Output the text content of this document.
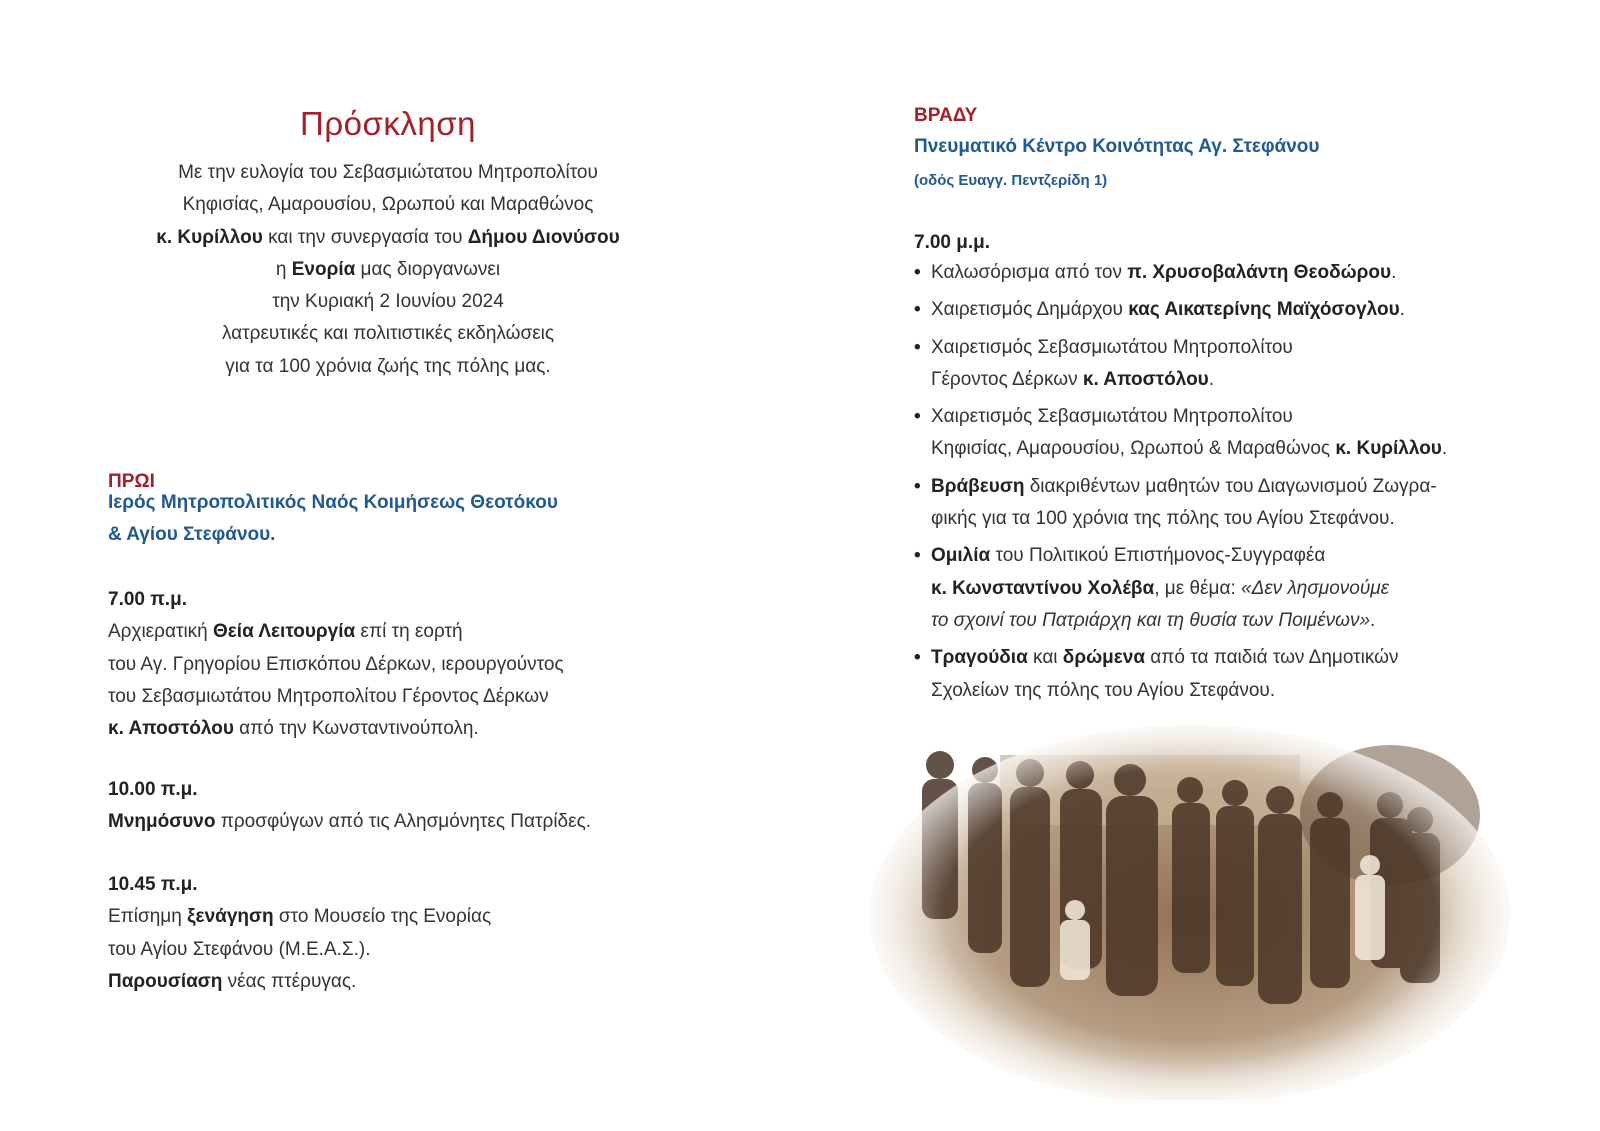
Πρόσκληση

Με την ευλογία του Σεβασμιώτατου Μητροπολίτου

Κηφισίας, Αμαρουσίου, Ωρωπού και Μαραθώνος

κ. Κυρίλλου και την συνεργασία του Δήμου Διονύσου

η Ενορία μας διοργανωνει

την Κυριακή 2 Ιουνίου 2024

λατρευτικές και πολιτιστικές εκδηλώσεις

για τα 100 χρόνια ζωής της πόλης μας.

ΠΡΩΙ
Ιερός Μητροπολιτικός Ναός Κοιμήσεως Θεοτόκου
& Αγίου Στεφάνου.
7.00 π.μ.

Αρχιερατική Θεία Λειτουργία επί τη εορτή

του Αγ. Γρηγορίου Επισκόπου Δέρκων, ιερουργούντος

του Σεβασμιωτάτου Μητροπολίτου Γέροντος Δέρκων

κ. Αποστόλου από την Κωνσταντινούπολη.

10.00 π.μ.

Μνημόσυνο προσφύγων από τις Αλησμόνητες Πατρίδες.

10.45 π.μ.

Επίσημη ξενάγηση στο Μουσείο της Ενορίας

του Αγίου Στεφάνου (Μ.Ε.Α.Σ.).

Παρουσίαση νέας πτέρυγας.

ΒΡΑΔΥ
Πνευματικό Κέντρο Κοινότητας Αγ. Στεφάνου
(οδός Ευαγγ. Πεντζερίδη 1)
7.00 μ.μ.
• Καλωσόρισμα από τον π. Χρυσοβαλάντη Θεοδώρου.
• Χαιρετισμός Δημάρχου κας Αικατερίνης Μαϊχόσογλου.
• Χαιρετισμός Σεβασμιωτάτου Μητροπολίτου
Γέροντος Δέρκων κ. Αποστόλου.
• Χαιρετισμός Σεβασμιωτάτου Μητροπολίτου
Κηφισίας, Αμαρουσίου, Ωρωπού & Μαραθώνος κ. Κυρίλλου.
• Βράβευση διακριθέντων μαθητών του Διαγωνισμού Ζωγρα-
φικής για τα 100 χρόνια της πόλης του Αγίου Στεφάνου.
• Ομιλία του Πολιτικού Επιστήμονος-Συγγραφέα
κ. Κωνσταντίνου Χολέβα, με θέμα: «Δεν λησμονούμε
το σχοινί του Πατριάρχη και τη θυσία των Ποιμένων».
• Τραγούδια και δρώμενα από τα παιδιά των Δημοτικών
Σχολείων της πόλης του Αγίου Στεφάνου.
